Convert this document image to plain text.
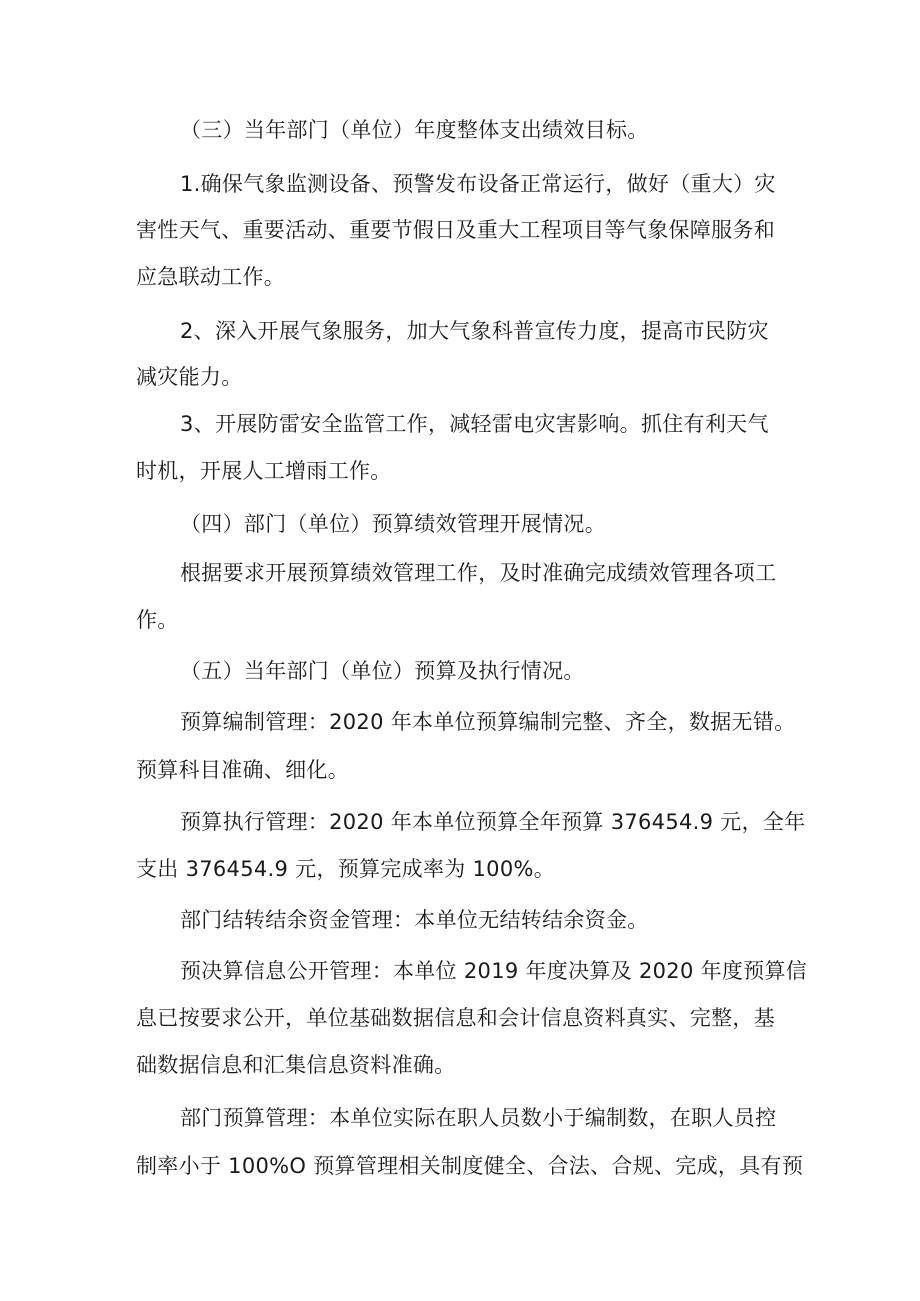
（三）当年部门（单位）年度整体支出绩效目标。

1.确保气象监测设备、预警发布设备正常运行，做好（重大）灾

害性天气、重要活动、重要节假日及重大工程项目等气象保障服务和

应急联动工作。

2、深入开展气象服务，加大气象科普宣传力度，提高市民防灾

减灾能力。

3、开展防雷安全监管工作，减轻雷电灾害影响。抓住有利天气

时机，开展人工增雨工作。

（四）部门（单位）预算绩效管理开展情况。

根据要求开展预算绩效管理工作，及时准确完成绩效管理各项工

作。

（五）当年部门（单位）预算及执行情况。

预算编制管理：2020 年本单位预算编制完整、齐全，数据无错。

预算科目准确、细化。

预算执行管理：2020 年本单位预算全年预算 376454.9 元，全年

支出 376454.9 元，预算完成率为 100%。

部门结转结余资金管理：本单位无结转结余资金。

预决算信息公开管理：本单位 2019 年度决算及 2020 年度预算信

息已按要求公开，单位基础数据信息和会计信息资料真实、完整，基

础数据信息和汇集信息资料准确。

部门预算管理：本单位实际在职人员数小于编制数，在职人员控

制率小于 100%O 预算管理相关制度健全、合法、合规、完成，具有预
